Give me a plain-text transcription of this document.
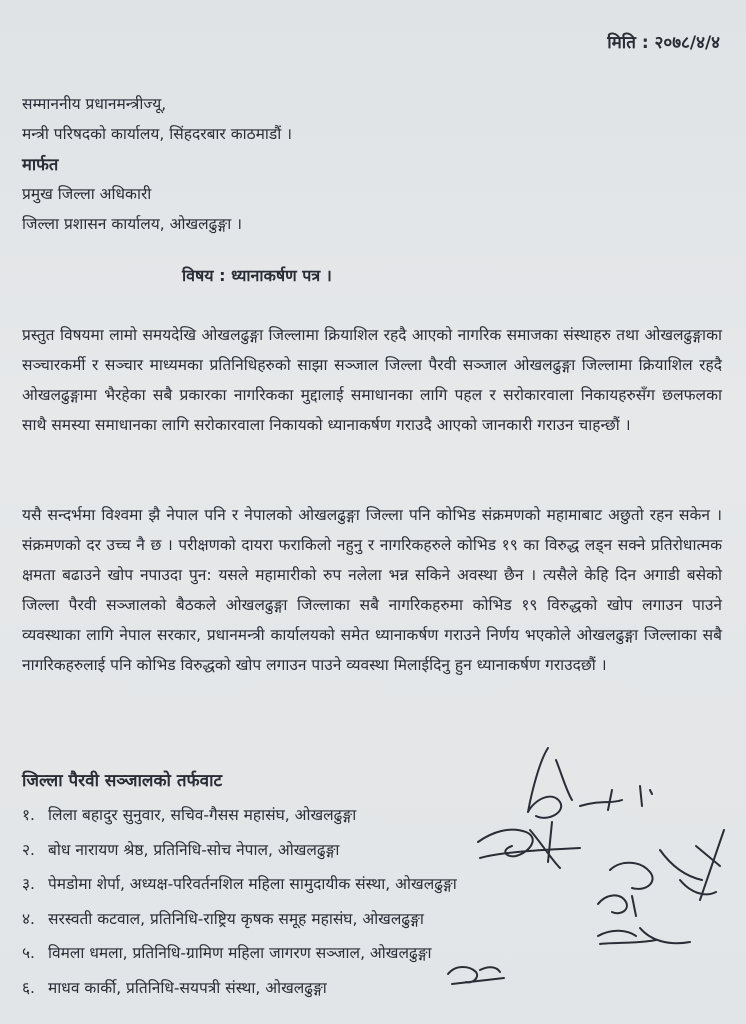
मिति : २०७८/४/४
सम्माननीय प्रधानमन्त्रीज्यू,
मन्त्री परिषदको कार्यालय, सिंहदरबार काठमाडौं ।
मार्फत
प्रमुख जिल्ला अधिकारी
जिल्ला प्रशासन कार्यालय, ओखलढुङ्गा ।
विषय : ध्यानाकर्षण पत्र ।

प्रस्तुत विषयमा लामो समयदेखि ओखलढुङ्गा जिल्लामा क्रियाशिल रहदै आएको नागरिक समाजका संस्थाहरु तथा ओखलढुङ्गाका सञ्चारकर्मी र सञ्चार माध्यमका प्रतिनिधिहरुको साझा सञ्जाल जिल्ला पैरवी सञ्जाल ओखलढुङ्गा जिल्लामा क्रियाशिल रहदै ओखलढुङ्गामा भैरहेका सबै प्रकारका नागरिकका मुद्दालाई समाधानका लागि पहल र सरोकारवाला निकायहरुसँग छलफलका साथै समस्या समाधानका लागि सरोकारवाला निकायको ध्यानाकर्षण गराउदै आएको जानकारी गराउन चाहन्छौं ।

यसै सन्दर्भमा विश्वमा झै नेपाल पनि र नेपालको ओखलढुङ्गा जिल्ला पनि कोभिड संक्रमणको महामाबाट अछुतो रहन सकेन । संक्रमणको दर उच्च नै छ । परीक्षणको दायरा फराकिलो नहुनु र नागरिकहरुले कोभिड १९ का विरुद्ध लड्न सक्ने प्रतिरोधात्मक क्षमता बढाउने खोप नपाउदा पुन: यसले महामारीको रुप नलेला भन्न सकिने अवस्था छैन । त्यसैले केहि दिन अगाडी बसेको जिल्ला पैरवी सञ्जालको बैठकले ओखलढुङ्गा जिल्लाका सबै नागरिकहरुमा कोभिड १९ विरुद्धको खोप लगाउन पाउने व्यवस्थाका लागि नेपाल सरकार, प्रधानमन्त्री कार्यालयको समेत ध्यानाकर्षण गराउने निर्णय भएकोले ओखलढुङ्गा जिल्लाका सबै नागरिकहरुलाई पनि कोभिड विरुद्धको खोप लगाउन पाउने व्यवस्था मिलाईदिनु हुन ध्यानाकर्षण गराउदछौं ।

जिल्ला पैरवी सञ्जालको तर्फवाट
१. लिला बहादुर सुनुवार, सचिव-गैसस महासंघ, ओखलढुङ्गा
२. बोध नारायण श्रेष्ठ, प्रतिनिधि-सोच नेपाल, ओखलढुङ्गा
३. पेमडोमा शेर्पा, अध्यक्ष-परिवर्तनशिल महिला सामुदायीक संस्था, ओखलढुङ्गा
४. सरस्वती कटवाल, प्रतिनिधि-राष्ट्रिय कृषक समूह महासंघ, ओखलढुङ्गा
५. विमला धमला, प्रतिनिधि-ग्रामिण महिला जागरण सञ्जाल, ओखलढुङ्गा
६. माधव कार्की, प्रतिनिधि-सयपत्री संस्था, ओखलढुङ्गा
